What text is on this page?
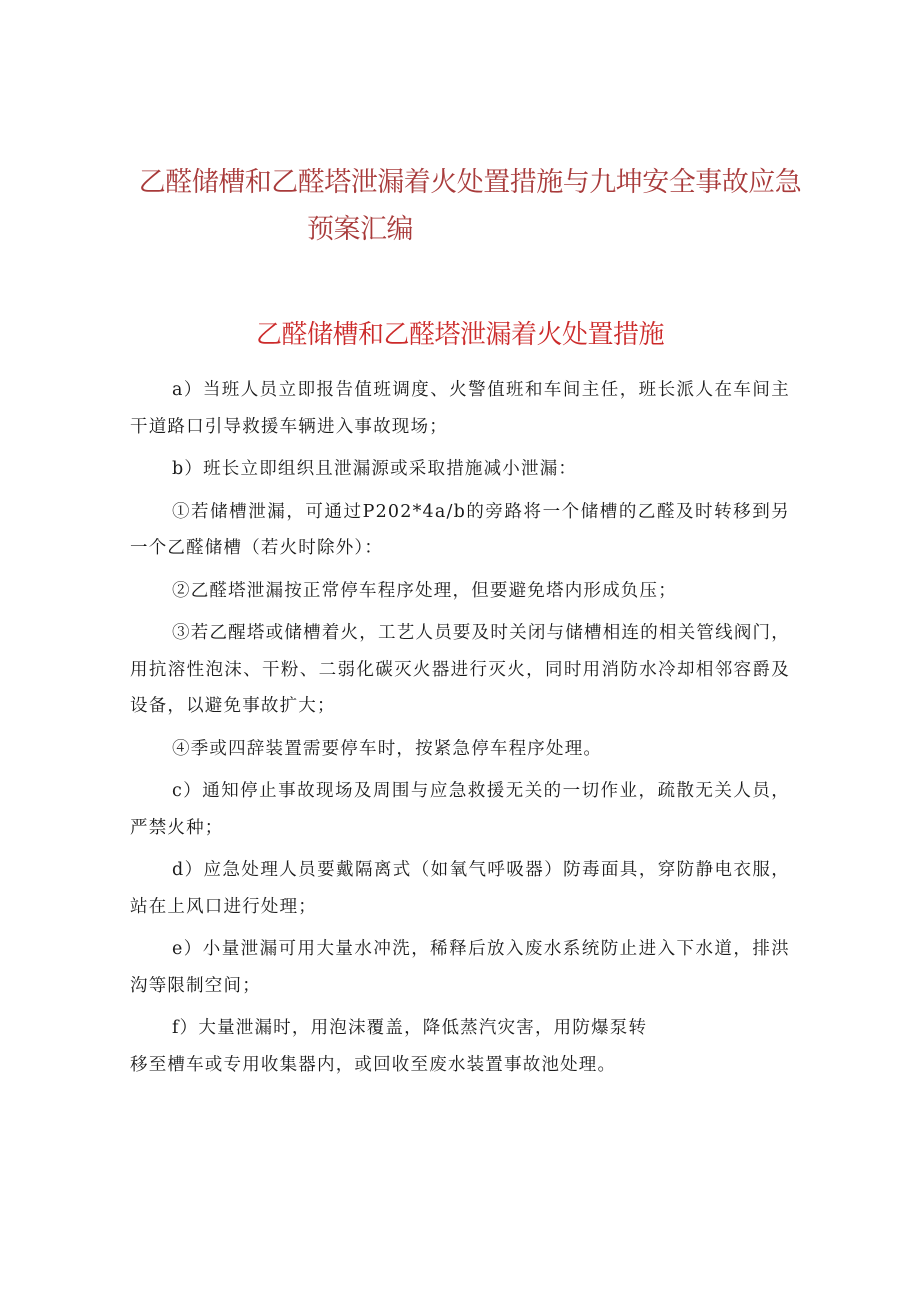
乙醛储槽和乙醛塔泄漏着火处置措施与九坤安全事故应急
预案汇编
乙醛储槽和乙醛塔泄漏着火处置措施

a）当班人员立即报告值班调度、火警值班和车间主任，班长派人在车间主干道路口引导救援车辆进入事故现场；

b）班长立即组织且泄漏源或采取措施减小泄漏：

①若储槽泄漏，可通过P202*4a/b的旁路将一个储槽的乙醛及时转移到另一个乙醛储槽（若火时除外）：

②乙醛塔泄漏按正常停车程序处理，但要避免塔内形成负压；

③若乙醒塔或储槽着火，工艺人员要及时关闭与储槽相连的相关管线阀门，用抗溶性泡沫、干粉、二弱化碳灭火器进行灭火，同时用消防水冷却相邻容爵及设备，以避免事故扩大；

④季或四辞装置需要停车时，按紧急停车程序处理。

c）通知停止事故现场及周围与应急救援无关的一切作业，疏散无关人员，严禁火种；

d）应急处理人员要戴隔离式（如氧气呼吸器）防毒面具，穿防静电衣服，站在上风口进行处理；

e）小量泄漏可用大量水冲洗，稀释后放入废水系统防止进入下水道，排洪沟等限制空间；

f）大量泄漏时，用泡沫覆盖，降低蒸汽灾害，用防爆泵转

移至槽车或专用收集器内，或回收至废水装置事故池处理。
